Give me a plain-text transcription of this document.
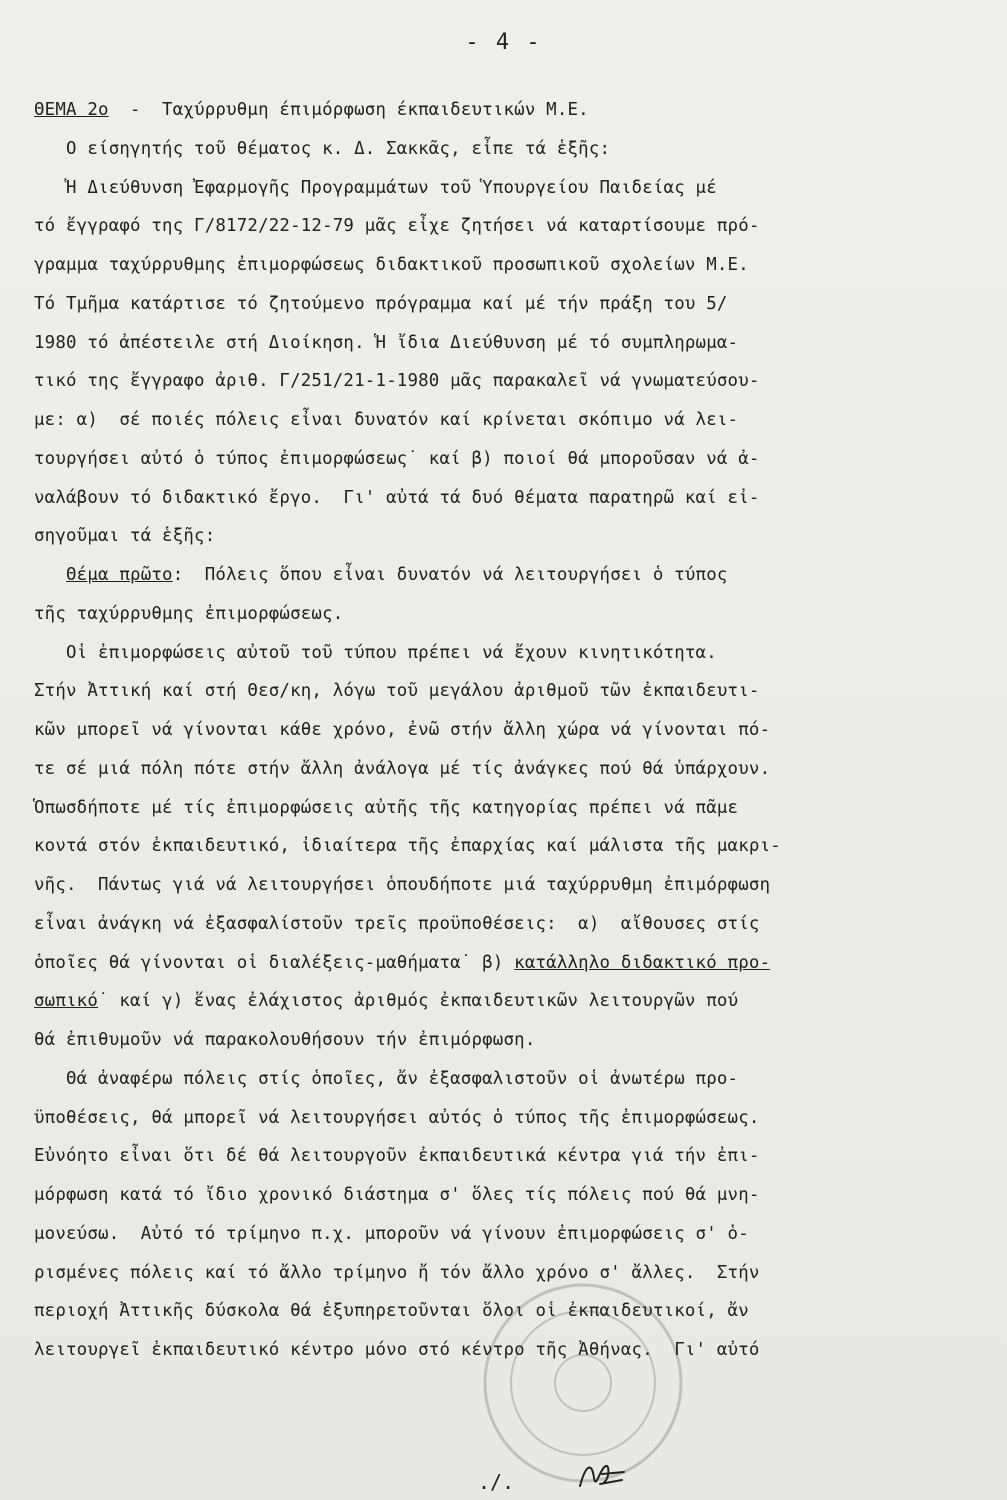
- 4 -
ΘΕΜΑ 2ο  -  Ταχύρρυθμη έπιμόρφωση έκπαιδευτικών Μ.Ε.
Ο είσηγητής τοῦ θέματος κ. Δ. Σακκᾶς, εἶπε τά ἑξῆς:
Ἡ Διεύθυνση Ἐφαρμογῆς Προγραμμάτων τοῦ Ὑπουργείου Παιδείας μέ
τό ἔγγραφό της Γ/8172/22-12-79 μᾶς εἶχε ζητήσει νά καταρτίσουμε πρό-
γραμμα ταχύρρυθμης ἐπιμορφώσεως διδακτικοῦ προσωπικοῦ σχολείων Μ.Ε.
Τό Τμῆμα κατάρτισε τό ζητούμενο πρόγραμμα καί μέ τήν πράξη του 5/
1980 τό ἀπέστειλε στή Διοίκηση. Ἡ ἴδια Διεύθυνση μέ τό συμπληρωμα-
τικό της ἔγγραφο ἀριθ. Γ/251/21-1-1980 μᾶς παρακαλεῖ νά γνωματεύσου-
με: α)  σέ ποιές πόλεις εἶναι δυνατόν καί κρίνεται σκόπιμο νά λει-
τουργήσει αὐτό ὁ τύπος ἐπιμορφώσεως˙ καί β) ποιοί θά μποροῦσαν νά ἀ-
ναλάβουν τό διδακτικό ἔργο.  Γι' αὐτά τά δυό θέματα παρατηρῶ καί εἰ-
σηγοῦμαι τά ἑξῆς:
Θέμα πρῶτο:  Πόλεις ὅπου εἶναι δυνατόν νά λειτουργήσει ὁ τύπος
τῆς ταχύρρυθμης ἐπιμορφώσεως.
Οἱ ἐπιμορφώσεις αὐτοῦ τοῦ τύπου πρέπει νά ἔχουν κινητικότητα.
Στήν Ἀττική καί στή Θεσ/κη, λόγω τοῦ μεγάλου ἀριθμοῦ τῶν ἐκπαιδευτι-
κῶν μπορεῖ νά γίνονται κάθε χρόνο, ἐνῶ στήν ἄλλη χώρα νά γίνονται πό-
τε σέ μιά πόλη πότε στήν ἄλλη ἀνάλογα μέ τίς ἀνάγκες πού θά ὑπάρχουν.
Ὁπωσδήποτε μέ τίς ἐπιμορφώσεις αὐτῆς τῆς κατηγορίας πρέπει νά πᾶμε
κοντά στόν ἐκπαιδευτικό, ἰδιαίτερα τῆς ἐπαρχίας καί μάλιστα τῆς μακρι-
νῆς.  Πάντως γιά νά λειτουργήσει ὁπουδήποτε μιά ταχύρρυθμη ἐπιμόρφωση
εἶναι ἀνάγκη νά ἐξασφαλίστοῦν τρεῖς προϋποθέσεις:  α)  αἴθουσες στίς
ὁποῖες θά γίνονται οἱ διαλέξεις-μαθήματα˙ β) κατάλληλο διδακτικό προ-
σωπικό˙ καί γ) ἕνας ἐλάχιστος ἀριθμός ἐκπαιδευτικῶν λειτουργῶν πού
θά ἐπιθυμοῦν νά παρακολουθήσουν τήν ἐπιμόρφωση.
Θά ἀναφέρω πόλεις στίς ὁποῖες, ἄν ἐξασφαλιστοῦν οἱ ἀνωτέρω προ-
ϋποθέσεις, θά μπορεῖ νά λειτουργήσει αὐτός ὁ τύπος τῆς ἐπιμορφώσεως.
Εὐνόητο εἶναι ὅτι δέ θά λειτουργοῦν ἐκπαιδευτικά κέντρα γιά τήν ἐπι-
μόρφωση κατά τό ἴδιο χρονικό διάστημα σ' ὅλες τίς πόλεις πού θά μνη-
μονεύσω.  Αὐτό τό τρίμηνο π.χ. μποροῦν νά γίνουν ἐπιμορφώσεις σ' ὁ-
ρισμένες πόλεις καί τό ἄλλο τρίμηνο ἤ τόν ἄλλο χρόνο σ' ἄλλες.  Στήν
περιοχή Ἀττικῆς δύσκολα θά ἐξυπηρετοῦνται ὅλοι οἱ ἐκπαιδευτικοί, ἄν
λειτουργεῖ ἐκπαιδευτικό κέντρο μόνο στό κέντρο τῆς Ἀθήνας.  Γι' αὐτό
./.
